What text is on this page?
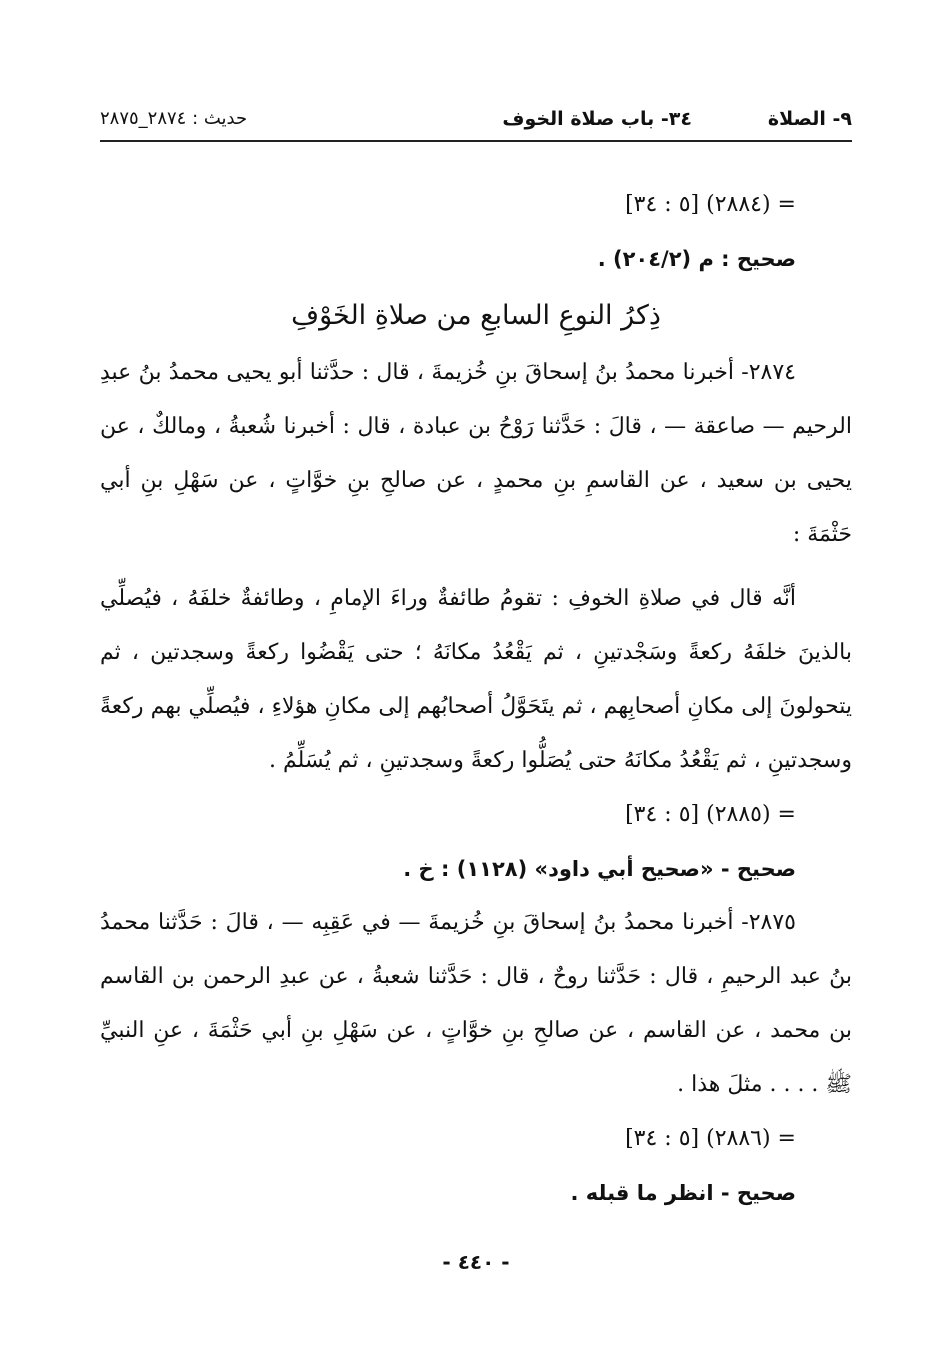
٩- الصلاة
٣٤- باب صلاة الخوف
حديث : ٢٨٧٤_٢٨٧٥
= (٢٨٨٤) [٥ : ٣٤]
صحيح : م (٢٠٤/٢) .
ذِكرُ النوعِ السابعِ من صلاةِ الخَوْفِ

٢٨٧٤- أخبرنا محمدُ بنُ إسحاقَ بنِ خُزيمةَ ، قال : حدَّثنا أبو يحيى محمدُ بنُ عبدِ الرحيم — صاعقة — ، قالَ : حَدَّثنا رَوْحُ بن عبادة ، قال : أخبرنا شُعبةُ ، ومالكٌ ، عن يحيى بن سعيد ، عن القاسمِ بنِ محمدٍ ، عن صالحِ بنِ خوَّاتٍ ، عن سَهْلِ بنِ أبي حَثْمَةَ :

أنَّه قال في صلاةِ الخوفِ : تقومُ طائفةٌ وراءَ الإمامِ ، وطائفةٌ خلفَهُ ، فيُصلِّي بالذينَ خلفَهُ ركعةً وسَجْدتينِ ، ثم يَقْعُدُ مكانَهُ ؛ حتى يَقْضُوا ركعةً وسجدتين ، ثم يتحولونَ إلى مكانِ أصحابِهم ، ثم يتَحَوَّلُ أصحابُهم إلى مكانِ هؤلاءِ ، فيُصلِّي بهم ركعةً وسجدتينِ ، ثم يَقْعُدُ مكانَهُ حتى يُصَلُّوا ركعةً وسجدتينِ ، ثم يُسَلِّمُ .

= (٢٨٨٥) [٥ : ٣٤]
صحيح - «صحيح أبي داود» (١١٢٨) : خ .

٢٨٧٥- أخبرنا محمدُ بنُ إسحاقَ بنِ خُزيمةَ — في عَقِبِه — ، قالَ : حَدَّثنا محمدُ بنُ عبد الرحيمِ ، قال : حَدَّثنا روحٌ ، قال : حَدَّثنا شعبةُ ، عن عبدِ الرحمن بن القاسم بن محمد ، عن القاسم ، عن صالحِ بنِ خوَّاتٍ ، عن سَهْلِ بنِ أبي حَثْمَةَ ، عنِ النبيِّ ﷺ . . . . مثلَ هذا .

= (٢٨٨٦) [٥ : ٣٤]
صحيح - انظر ما قبله .
- ٤٤٠ -
